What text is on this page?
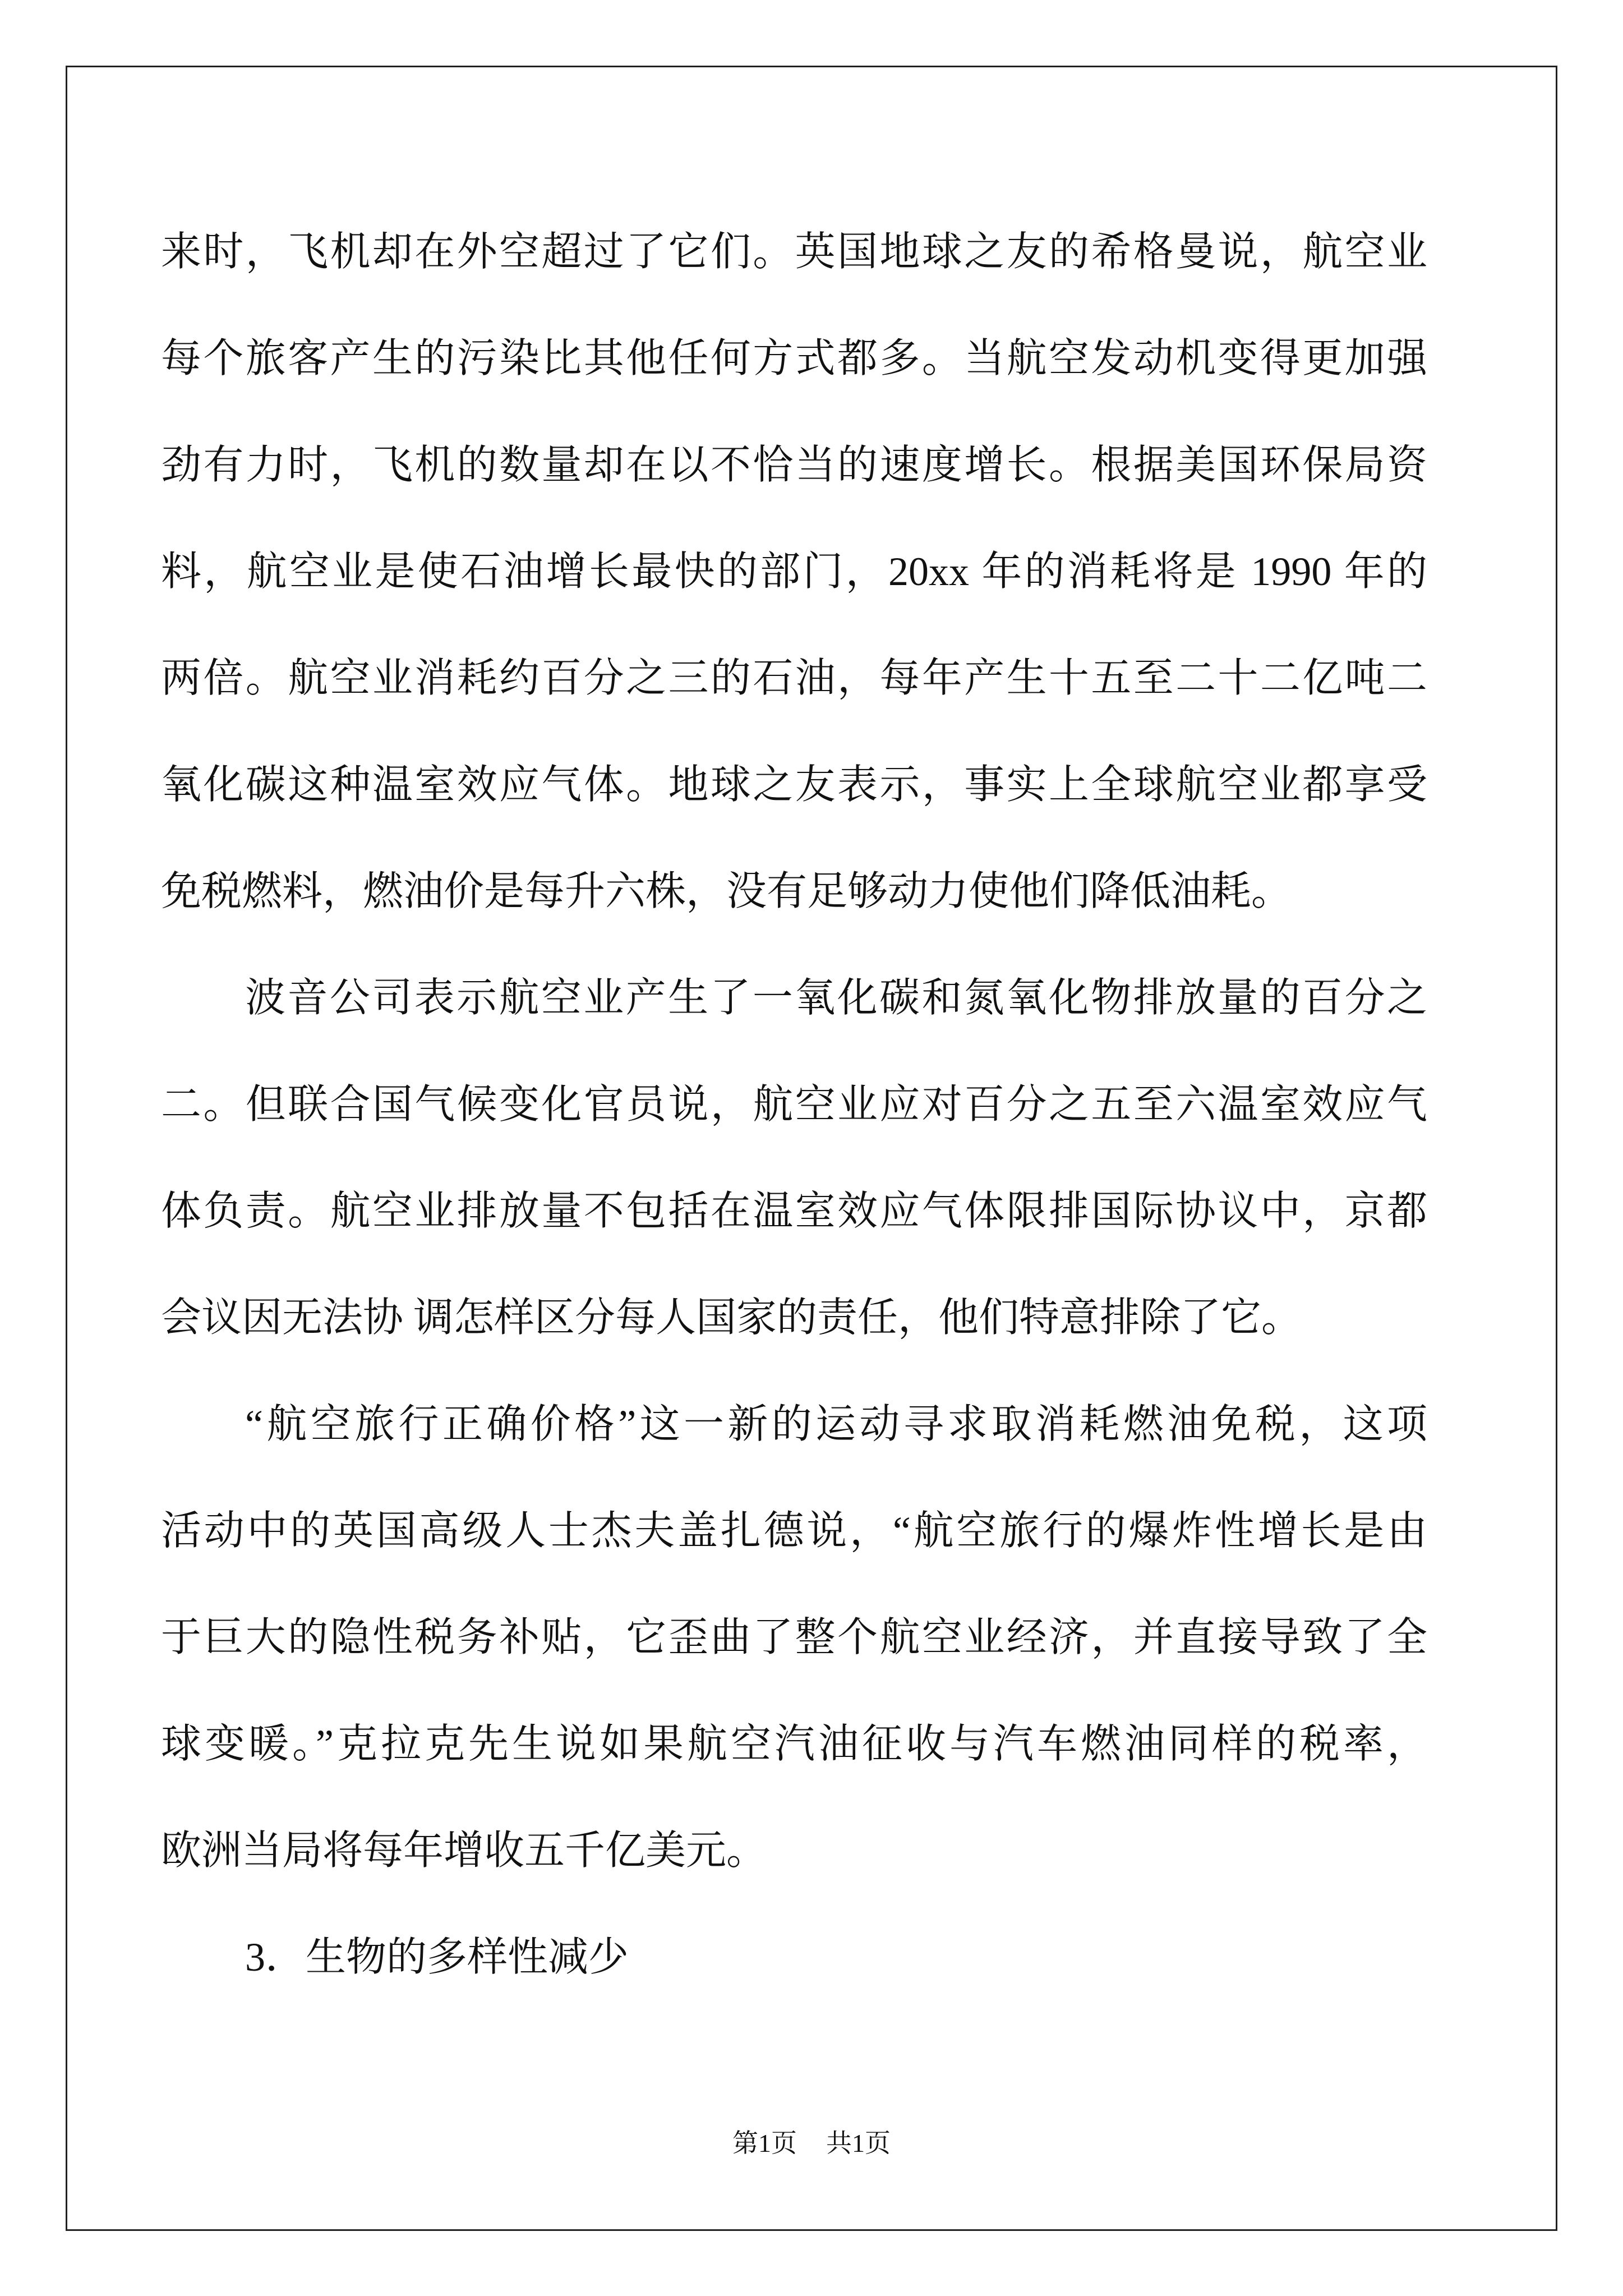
来时，飞机却在外空超过了它们。英国地球之友的希格曼说，航空业
每个旅客产生的污染比其他任何方式都多。当航空发动机变得更加强
劲有力时，飞机的数量却在以不恰当的速度增长。根据美国环保局资
料，航空业是使石油增长最快的部门，20xx 年的消耗将是 1990 年的
两倍。航空业消耗约百分之三的石油，每年产生十五至二十二亿吨二
氧化碳这种温室效应气体。地球之友表示，事实上全球航空业都享受
免税燃料，燃油价是每升六株，没有足够动力使他们降低油耗。
波音公司表示航空业产生了一氧化碳和氮氧化物排放量的百分之
二。但联合国气候变化官员说，航空业应对百分之五至六温室效应气
体负责。航空业排放量不包括在温室效应气体限排国际协议中，京都
会议因无法协 调怎样区分每人国家的责任，他们特意排除了它。
“航空旅行正确价格”这一新的运动寻求取消耗燃油免税，这项
活动中的英国高级人士杰夫盖扎德说，“航空旅行的爆炸性增长是由
于巨大的隐性税务补贴，它歪曲了整个航空业经济，并直接导致了全
球变暖。”克拉克先生说如果航空汽油征收与汽车燃油同样的税率，
欧洲当局将每年增收五千亿美元。
3．生物的多样性减少
第1页 共1页
